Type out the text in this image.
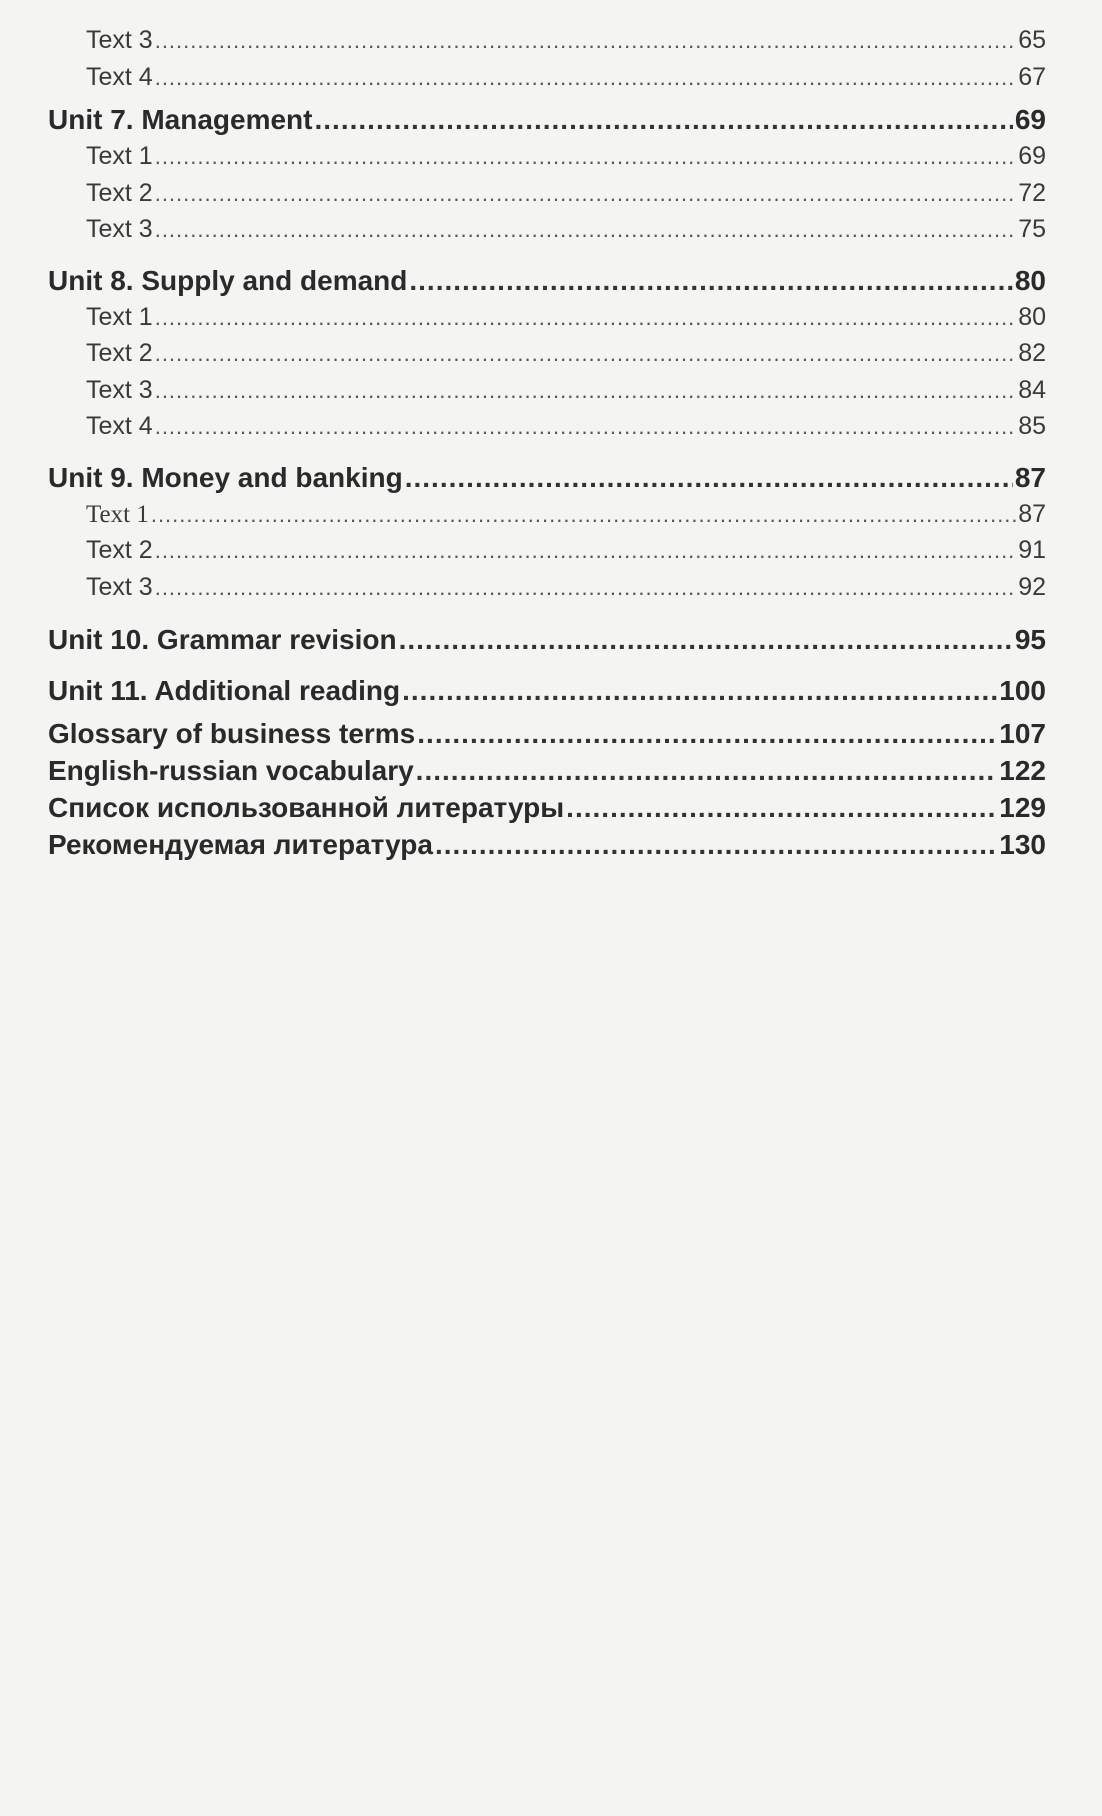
Text 3 .....	65
Text 4 .....	67
Unit 7. Management .....	69
Text 1 .....	69
Text 2 .....	72
Text 3 .....	75
Unit 8. Supply and demand .....	80
Text 1 .....	80
Text 2 .....	82
Text 3 .....	84
Text 4 .....	85
Unit 9. Money and banking .....	87
Text 1 .....	87
Text 2 .....	91
Text 3 .....	92
Unit 10. Grammar revision .....	95
Unit 11. Additional reading .....	100
Glossary of business terms .....	107
English-russian vocabulary .....	122
Список использованной литературы .....	129
Рекомендуемая литература .....	130
